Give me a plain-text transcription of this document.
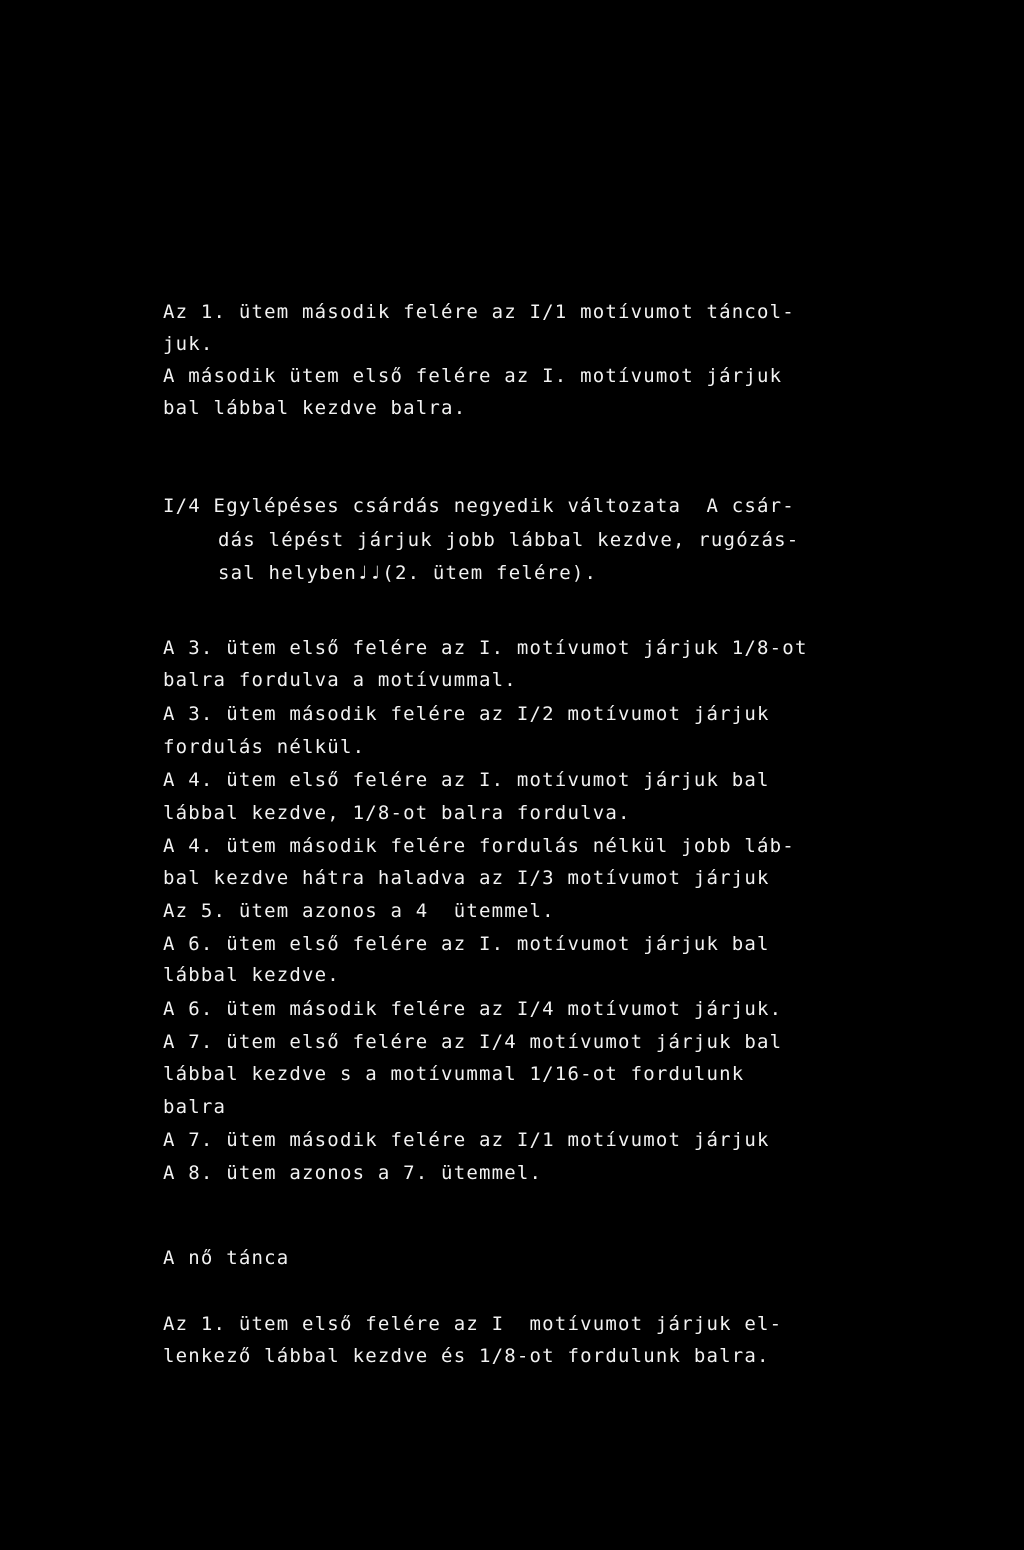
Az 1. ütem második felére az I/1 motívumot táncol-
juk.
A második ütem első felére az I. motívumot járjuk
bal lábbal kezdve balra.
I/4 Egylépéses csárdás negyedik változata  A csár-
dás lépést járjuk jobb lábbal kezdve, rugózás-
sal helyben♩♩(2. ütem felére).
A 3. ütem első felére az I. motívumot járjuk 1/8-ot
balra fordulva a motívummal.
A 3. ütem második felére az I/2 motívumot járjuk
fordulás nélkül.
A 4. ütem első felére az I. motívumot járjuk bal
lábbal kezdve, 1/8-ot balra fordulva.
A 4. ütem második felére fordulás nélkül jobb láb-
bal kezdve hátra haladva az I/3 motívumot járjuk
Az 5. ütem azonos a 4  ütemmel.
A 6. ütem első felére az I. motívumot járjuk bal
lábbal kezdve.
A 6. ütem második felére az I/4 motívumot járjuk.
A 7. ütem első felére az I/4 motívumot járjuk bal
lábbal kezdve s a motívummal 1/16-ot fordulunk
balra
A 7. ütem második felére az I/1 motívumot járjuk
A 8. ütem azonos a 7. ütemmel.
A nő tánca
Az 1. ütem első felére az I  motívumot járjuk el-
lenkező lábbal kezdve és 1/8-ot fordulunk balra.
